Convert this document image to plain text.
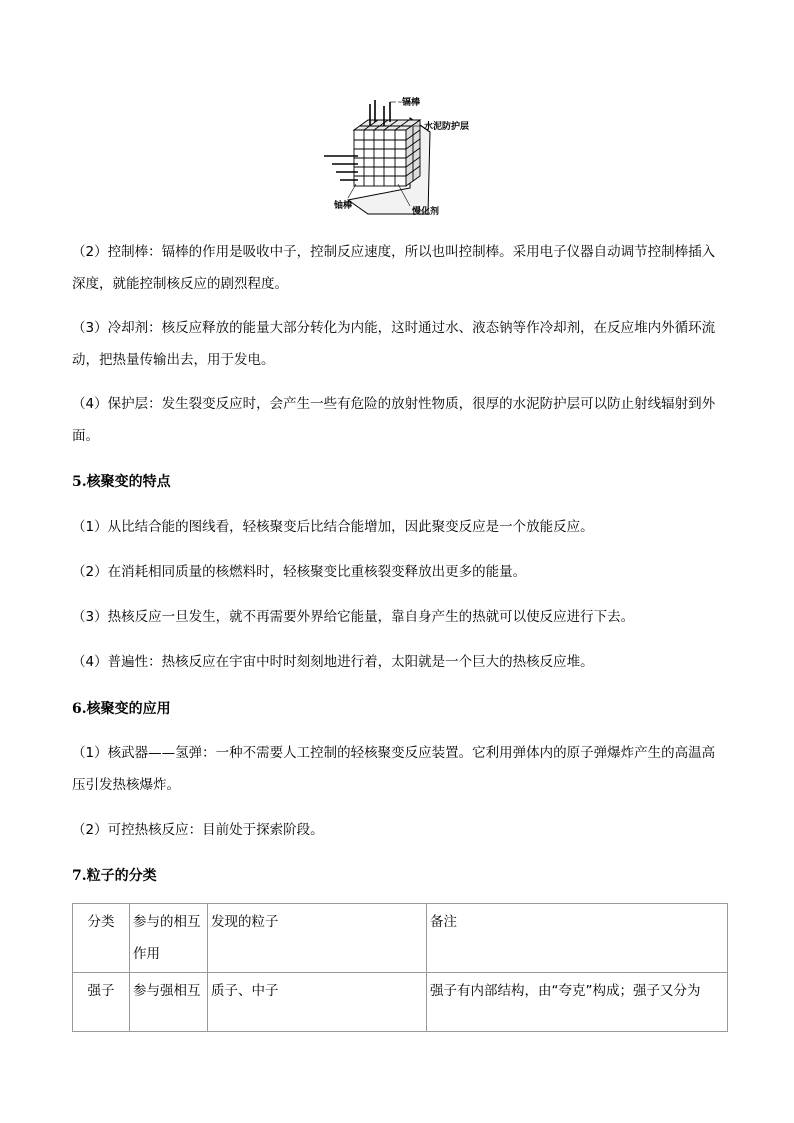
镉棒
水泥防护层
铀棒
慢化剂

（2）控制棒：镉棒的作用是吸收中子，控制反应速度，所以也叫控制棒。采用电子仪器自动调节控制棒插入深度，就能控制核反应的剧烈程度。

（3）冷却剂：核反应释放的能量大部分转化为内能，这时通过水、液态钠等作冷却剂，在反应堆内外循环流动，把热量传输出去，用于发电。

（4）保护层：发生裂变反应时，会产生一些有危险的放射性物质，很厚的水泥防护层可以防止射线辐射到外面。

5.核聚变的特点

（1）从比结合能的图线看，轻核聚变后比结合能增加，因此聚变反应是一个放能反应。

（2）在消耗相同质量的核燃料时，轻核聚变比重核裂变释放出更多的能量。

（3）热核反应一旦发生，就不再需要外界给它能量，靠自身产生的热就可以使反应进行下去。

（4）普遍性：热核反应在宇宙中时时刻刻地进行着，太阳就是一个巨大的热核反应堆。

6.核聚变的应用

（1）核武器——氢弹：一种不需要人工控制的轻核聚变反应装置。它利用弹体内的原子弹爆炸产生的高温高压引发热核爆炸。

（2）可控热核反应：目前处于探索阶段。

7.粒子的分类
分类	参与的相互作用	发现的粒子	备注
强子	参与强相互	质子、中子	强子有内部结构，由“夸克”构成；强子又分为
